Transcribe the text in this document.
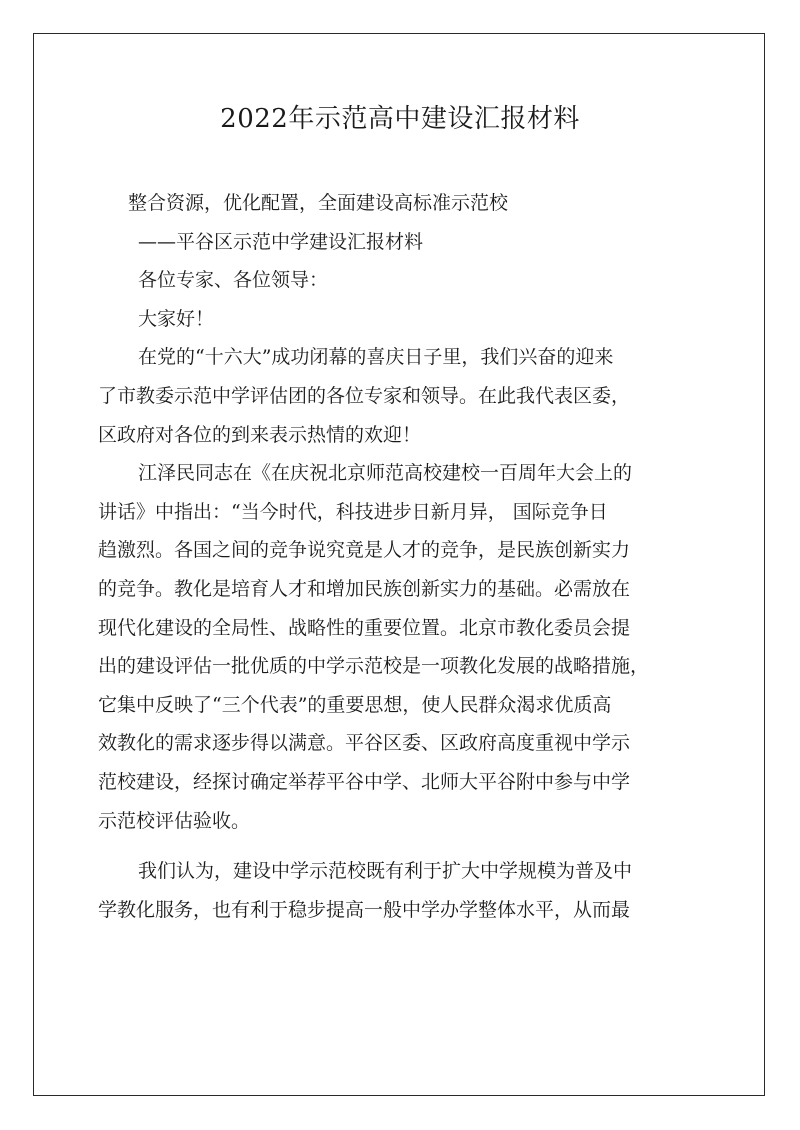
2022年示范高中建设汇报材料
整合资源，优化配置，全面建设高标准示范校
——平谷区示范中学建设汇报材料
各位专家、各位领导：
大家好！
在党的“十六大”成功闭幕的喜庆日子里，我们兴奋的迎来
了市教委示范中学评估团的各位专家和领导。在此我代表区委，
区政府对各位的到来表示热情的欢迎！
江泽民同志在《在庆祝北京师范高校建校一百周年大会上的
讲话》中指出：“当今时代，科技进步日新月异， 国际竞争日
趋激烈。各国之间的竞争说究竟是人才的竞争，是民族创新实力
的竞争。教化是培育人才和增加民族创新实力的基础。必需放在
现代化建设的全局性、战略性的重要位置。北京市教化委员会提
出的建设评估一批优质的中学示范校是一项教化发展的战略措施，
它集中反映了“三个代表”的重要思想，使人民群众渴求优质高
效教化的需求逐步得以满意。平谷区委、区政府高度重视中学示
范校建设，经探讨确定举荐平谷中学、北师大平谷附中参与中学
示范校评估验收。
我们认为，建设中学示范校既有利于扩大中学规模为普及中
学教化服务，也有利于稳步提高一般中学办学整体水平，从而最
